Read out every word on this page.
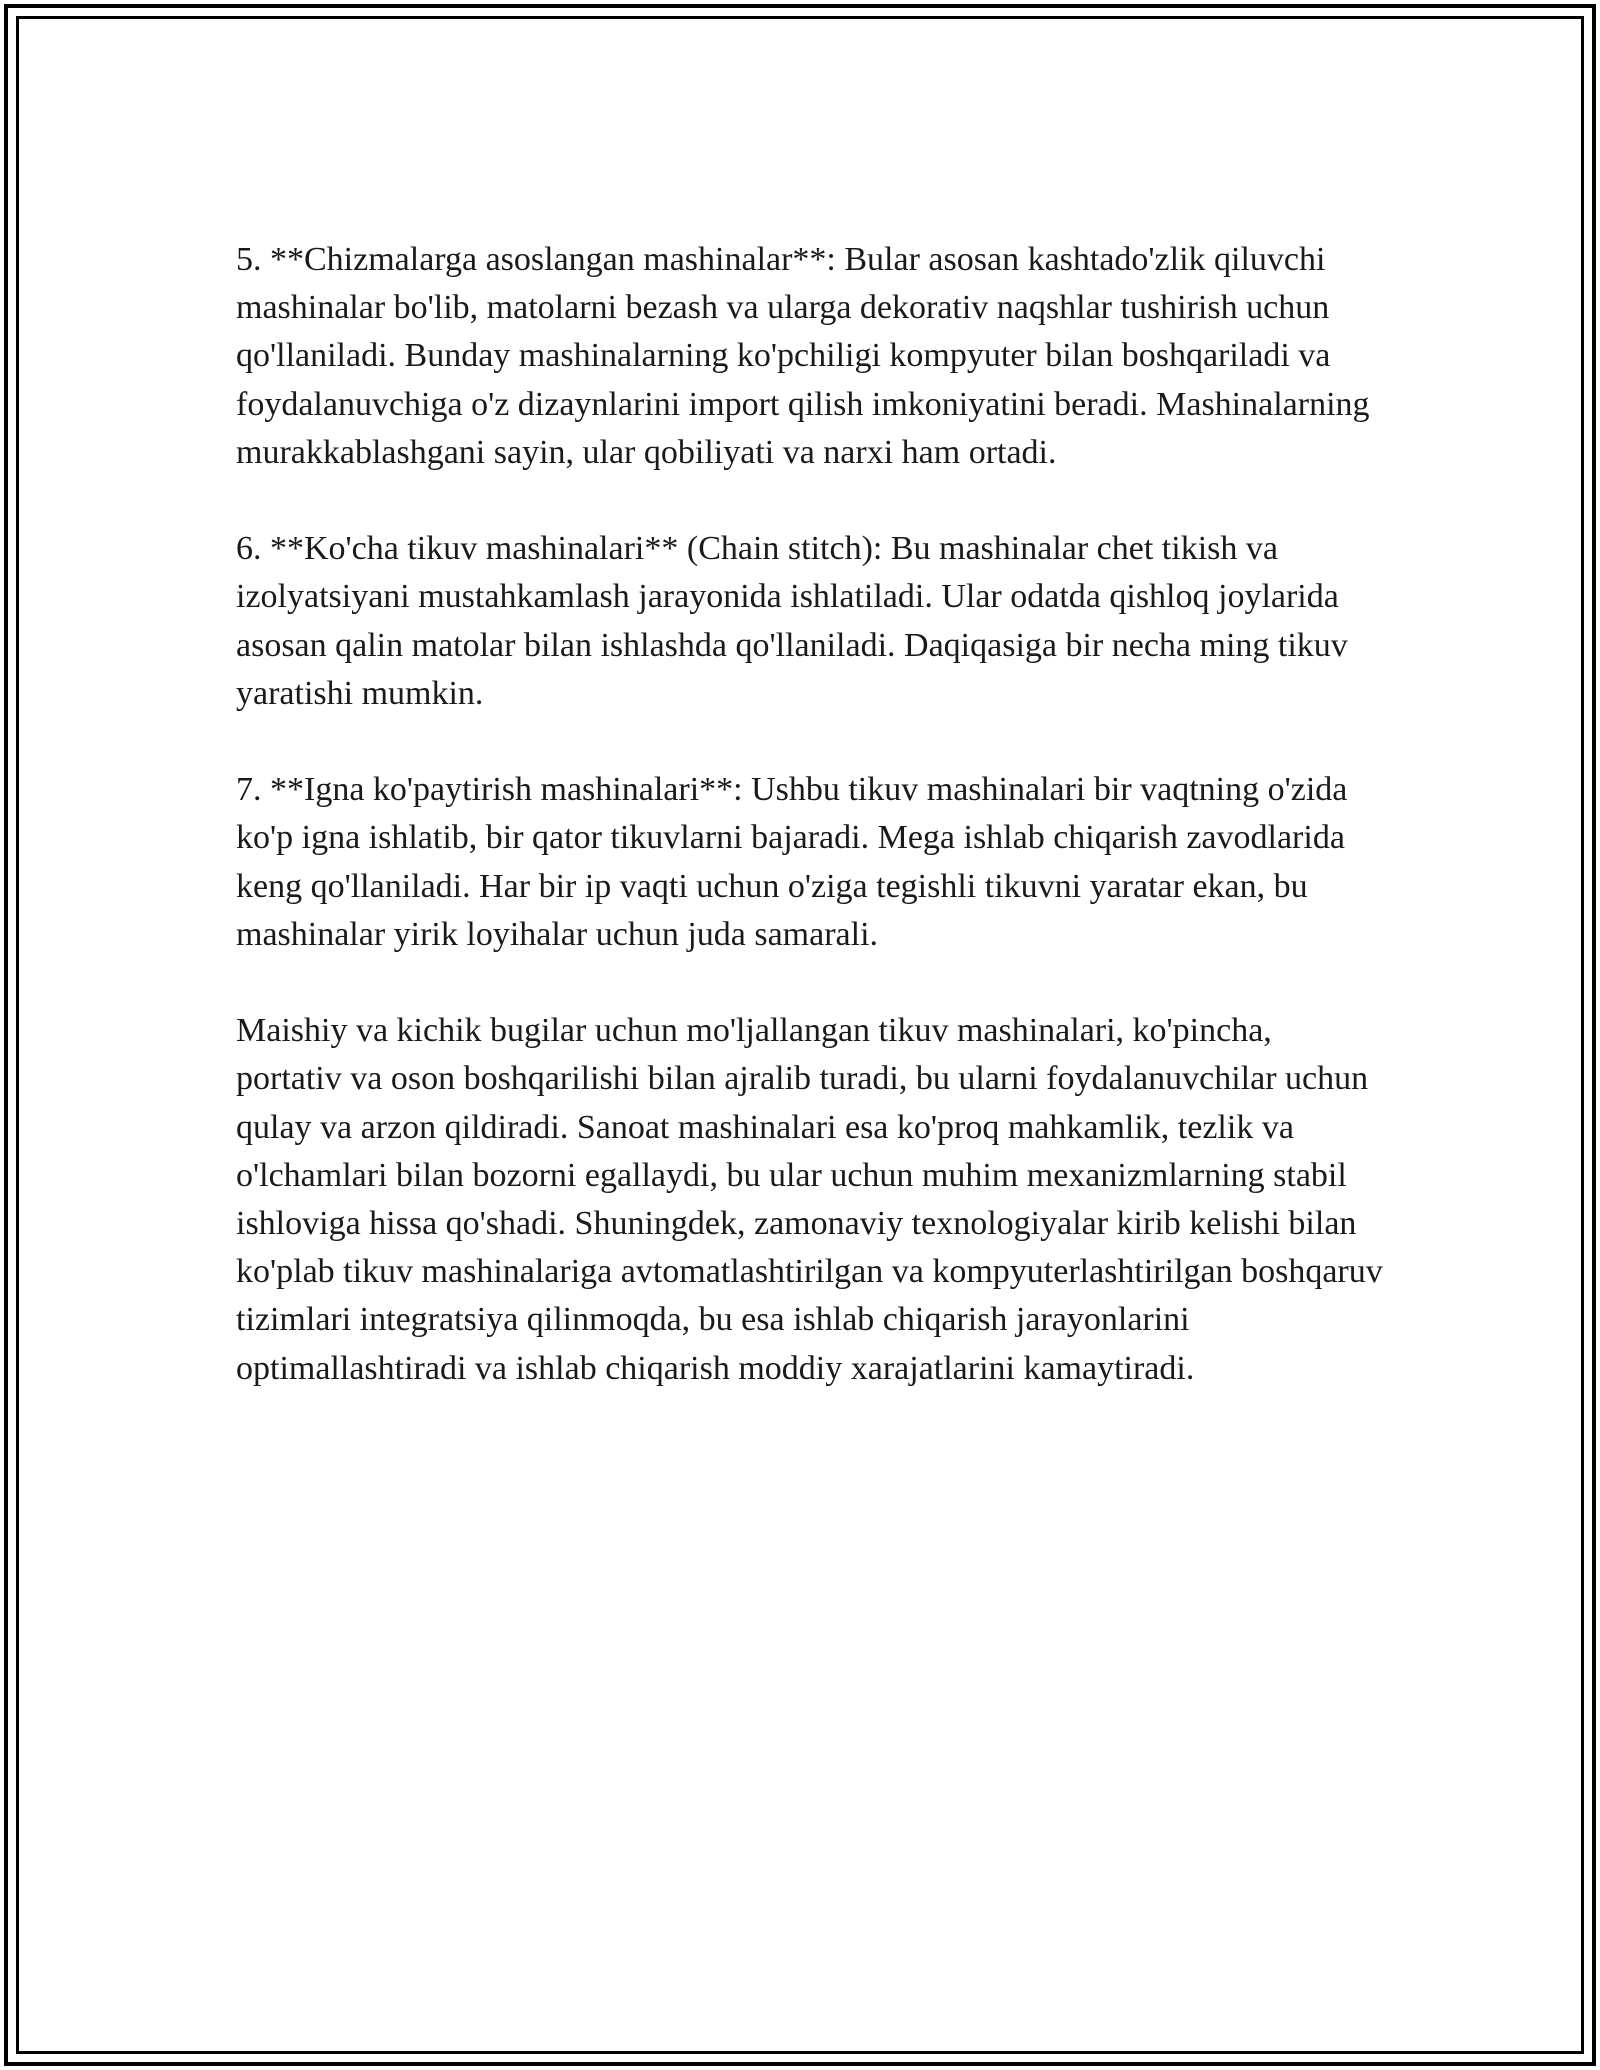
5. **Chizmalarga asoslangan mashinalar**: Bular asosan kashtado'zlik qiluvchi mashinalar bo'lib, matolarni bezash va ularga dekorativ naqshlar tushirish uchun qo'llaniladi. Bunday mashinalarning ko'pchiligi kompyuter bilan boshqariladi va foydalanuvchiga o'z dizaynlarini import qilish imkoniyatini beradi. Mashinalarning murakkablashgani sayin, ular qobiliyati va narxi ham ortadi.

6. **Ko'cha tikuv mashinalari** (Chain stitch): Bu mashinalar chet tikish va izolyatsiyani mustahkamlash jarayonida ishlatiladi. Ular odatda qishloq joylarida asosan qalin matolar bilan ishlashda qo'llaniladi. Daqiqasiga bir necha ming tikuv yaratishi mumkin.

7. **Igna ko'paytirish mashinalari**: Ushbu tikuv mashinalari bir vaqtning o'zida ko'p igna ishlatib, bir qator tikuvlarni bajaradi. Mega ishlab chiqarish zavodlarida keng qo'llaniladi. Har bir ip vaqti uchun o'ziga tegishli tikuvni yaratar ekan, bu mashinalar yirik loyihalar uchun juda samarali.

Maishiy va kichik bugilar uchun mo'ljallangan tikuv mashinalari, ko'pincha, portativ va oson boshqarilishi bilan ajralib turadi, bu ularni foydalanuvchilar uchun qulay va arzon qildiradi. Sanoat mashinalari esa ko'proq mahkamlik, tezlik va o'lchamlari bilan bozorni egallaydi, bu ular uchun muhim mexanizmlarning stabil ishloviga hissa qo'shadi. Shuningdek, zamonaviy texnologiyalar kirib kelishi bilan ko'plab tikuv mashinalariga avtomatlashtirilgan va kompyuterlashtirilgan boshqaruv tizimlari integratsiya qilinmoqda, bu esa ishlab chiqarish jarayonlarini optimallashtiradi va ishlab chiqarish moddiy xarajatlarini kamaytiradi.
